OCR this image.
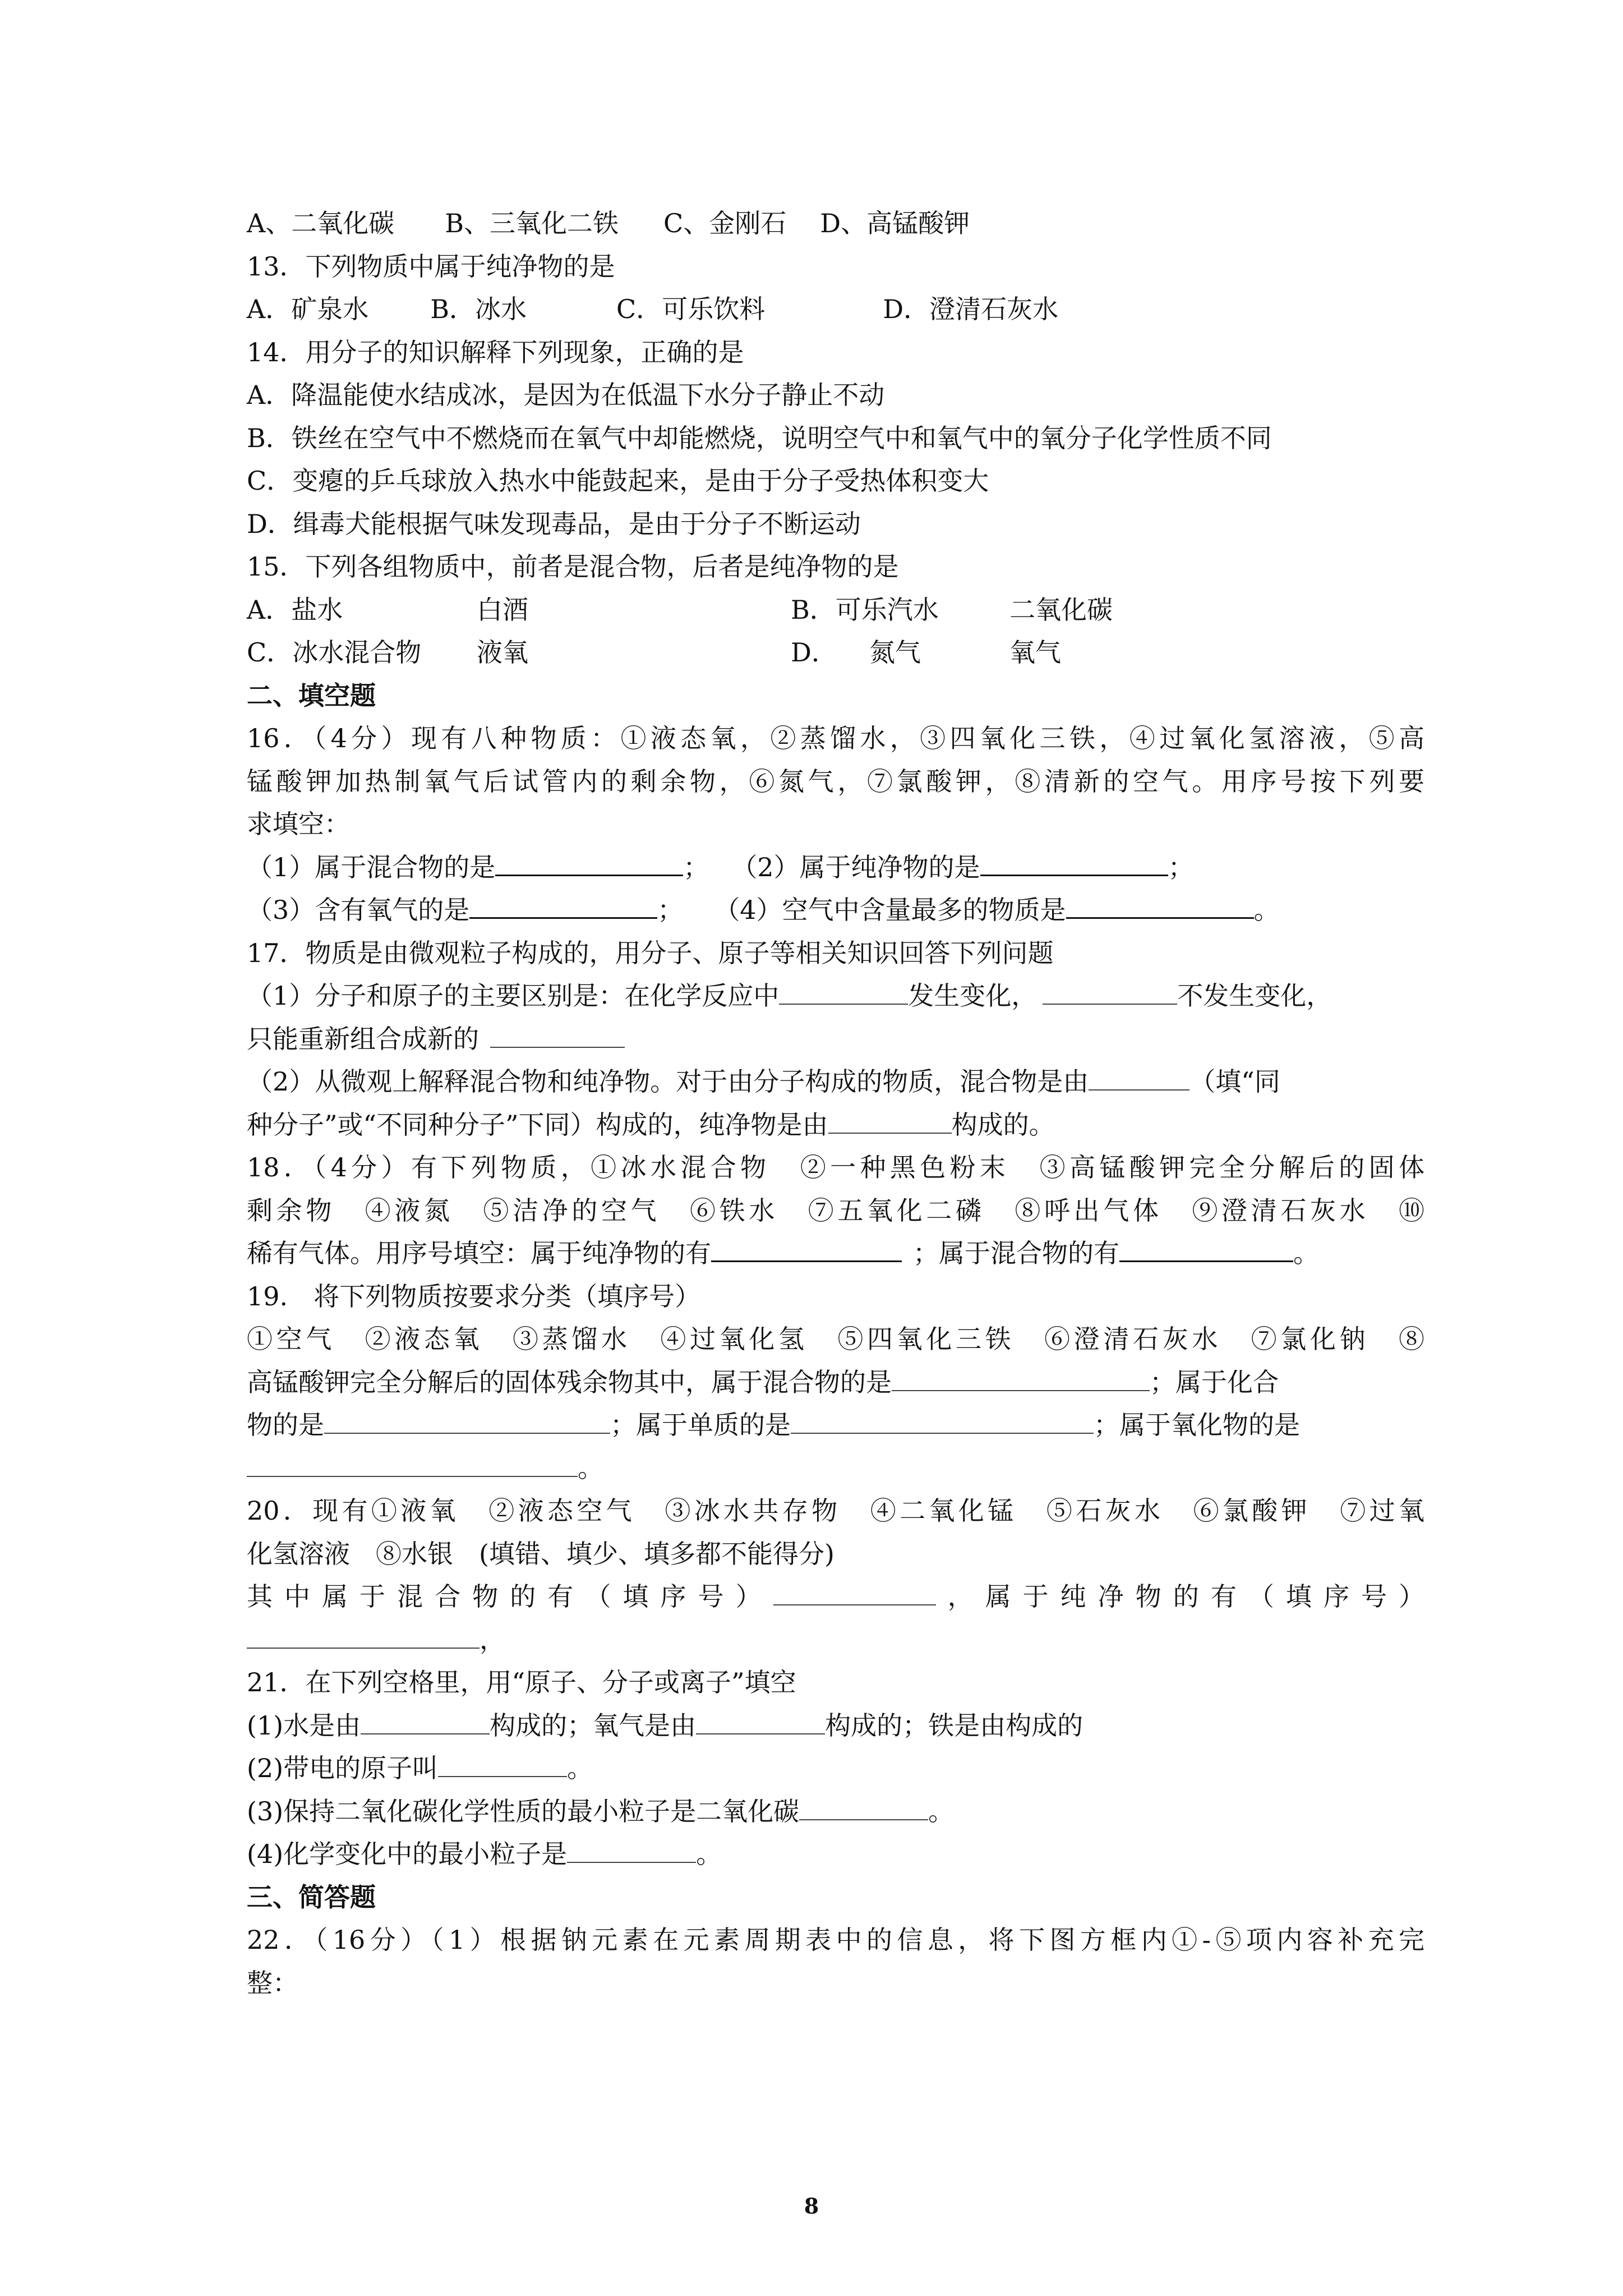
A、二氧化碳 B、三氧化二铁 C、金刚石 D、高锰酸钾
13．下列物质中属于纯净物的是
A．矿泉水 B．冰水	C．可乐饮料	D．澄清石灰水
14．用分子的知识解释下列现象，正确的是
A．降温能使水结成冰，是因为在低温下水分子静止不动
B．铁丝在空气中不燃烧而在氧气中却能燃烧，说明空气中和氧气中的氧分子化学性质不同
C．变瘪的乒乓球放入热水中能鼓起来，是由于分子受热体积变大
D．缉毒犬能根据气味发现毒品，是由于分子不断运动
15．下列各组物质中，前者是混合物，后者是纯净物的是
A．盐水	白酒	B．可乐汽水	二氧化碳
C．冰水混合物 液氧	D． 氮气	氧气
二、填空题
16．（4分）现有八种物质：①液态氧，②蒸馏水，③四氧化三铁，④过氧化氢溶液，⑤高
锰酸钾加热制氧气后试管内的剩余物，⑥氮气，⑦氯酸钾，⑧清新的空气。用序号按下列要
求填空：
（1）属于混合物的是	； （2）属于纯净物的是	；
（3）含有氧气的是	； （4）空气中含量最多的物质是	。
17．物质是由微观粒子构成的，用分子、原子等相关知识回答下列问题
（1）分子和原子的主要区别是：在化学反应中	发生变化，	不发生变化，
只能重新组合成新的
（2）从微观上解释混合物和纯净物。对于由分子构成的物质，混合物是由	（填“同
种分子”或“不同种分子”下同）构成的，纯净物是由	构成的。
18．（4分）有下列物质，①冰水混合物　②一种黑色粉末　③高锰酸钾完全分解后的固体
剩余物　④液氮　⑤洁净的空气　⑥铁水　⑦五氧化二磷　⑧呼出气体　⑨澄清石灰水　⑩
稀有气体。用序号填空：属于纯净物的有	；属于混合物的有	。
19.　将下列物质按要求分类（填序号）
①空气　②液态氧　③蒸馏水　④过氧化氢　⑤四氧化三铁　⑥澄清石灰水　⑦氯化钠　⑧
高锰酸钾完全分解后的固体残余物其中，属于混合物的是	；属于化合
物的是	；属于单质的是	；属于氧化物的是
。
20．现有①液氧　②液态空气　③冰水共存物　④二氧化锰　⑤石灰水　⑥氯酸钾　⑦过氧
化氢溶液　⑧水银　(填错、填少、填多都不能得分)
其中属于混合物的有（填序号）	，属于纯净物的有（填序号）
，
21．在下列空格里，用“原子、分子或离子”填空
(1)水是由	构成的；氧气是由	构成的；铁是由构成的
(2)带电的原子叫	。
(3)保持二氧化碳化学性质的最小粒子是二氧化碳	。
(4)化学变化中的最小粒子是	。
三、简答题
22．（16分）（1）根据钠元素在元素周期表中的信息，将下图方框内①-⑤项内容补充完
整：
8
